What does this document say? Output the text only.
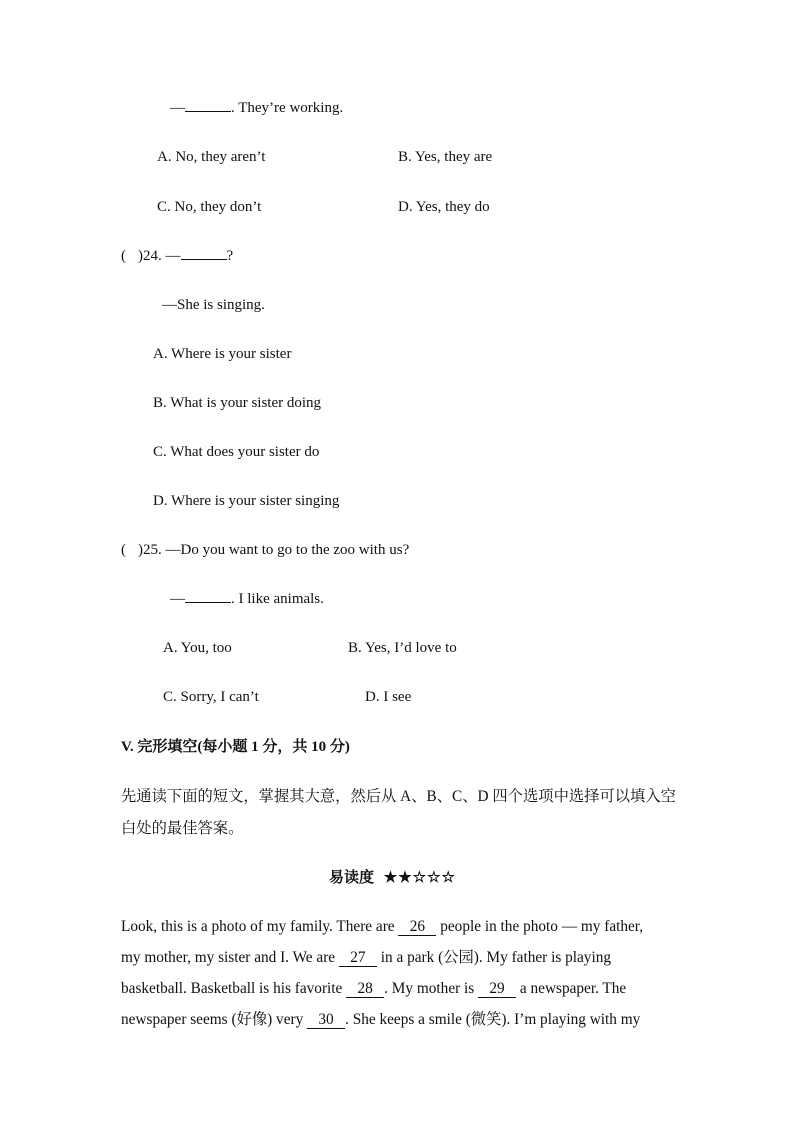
—	. They’re working.
A. No, they aren’t	B. Yes, they are
C. No, they don’t	D. Yes, they do
( )24. —	?
—She is singing.
A. Where is your sister
B. What is your sister doing
C. What does your sister do
D. Where is your sister singing
( )25. —Do you want to go to the zoo with us?
—	. I like animals.
A. You, too	B. Yes, I’d love to
C. Sorry, I can’t	D. I see
V. 完形填空(每小题 1 分，共 10 分)
先通读下面的短文，掌握其大意，然后从 A、B、C、D 四个选项中选择可以填入空
白处的最佳答案。
易读度 ★★☆☆☆
Look, this is a photo of my family. There are 26 people in the photo — my father,
my mother, my sister and I. We are 27 in a park (公园). My father is playing
basketball. Basketball is his favorite 28 . My mother is 29 a newspaper. The
newspaper seems (好像) very 30 . She keeps a smile (微笑). I’m playing with my
